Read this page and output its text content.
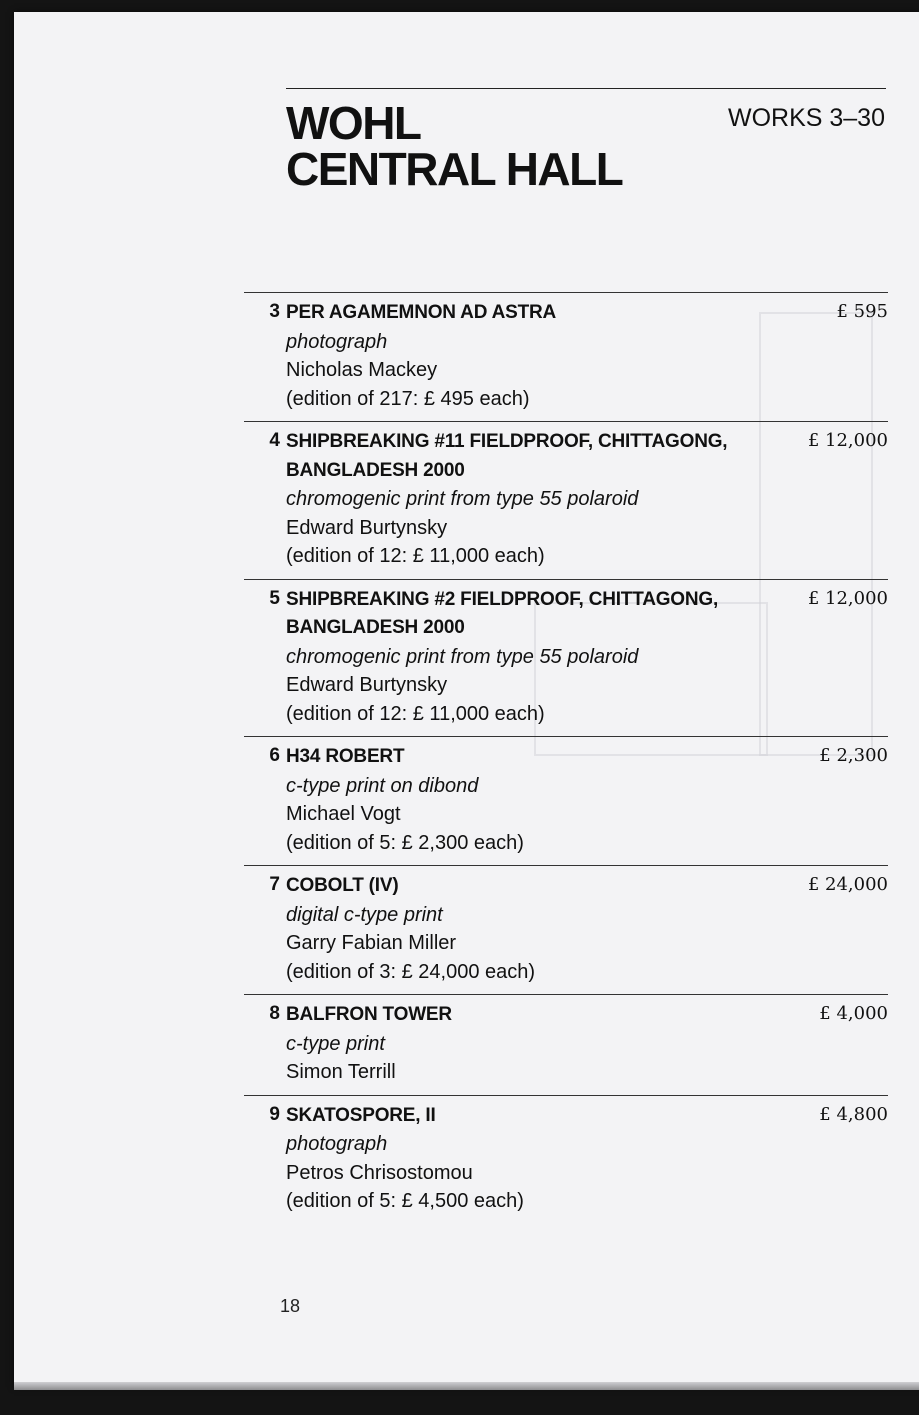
WOHL
CENTRAL HALL
WORKS 3–30
3 PER AGAMEMNON AD ASTRA
photograph
Nicholas Mackey
(edition of 217: £ 495 each)
£ 595
4 SHIPBREAKING #11 FIELDPROOF, CHITTAGONG, BANGLADESH 2000
chromogenic print from type 55 polaroid
Edward Burtynsky
(edition of 12: £ 11,000 each)
£ 12,000
5 SHIPBREAKING #2 FIELDPROOF, CHITTAGONG, BANGLADESH 2000
chromogenic print from type 55 polaroid
Edward Burtynsky
(edition of 12: £ 11,000 each)
£ 12,000
6 H34 ROBERT
c-type print on dibond
Michael Vogt
(edition of 5: £ 2,300 each)
£ 2,300
7 COBOLT (IV)
digital c-type print
Garry Fabian Miller
(edition of 3: £ 24,000 each)
£ 24,000
8 BALFRON TOWER
c-type print
Simon Terrill
£ 4,000
9 SKATOSPORE, II
photograph
Petros Chrisostomou
(edition of 5: £ 4,500 each)
£ 4,800
18
